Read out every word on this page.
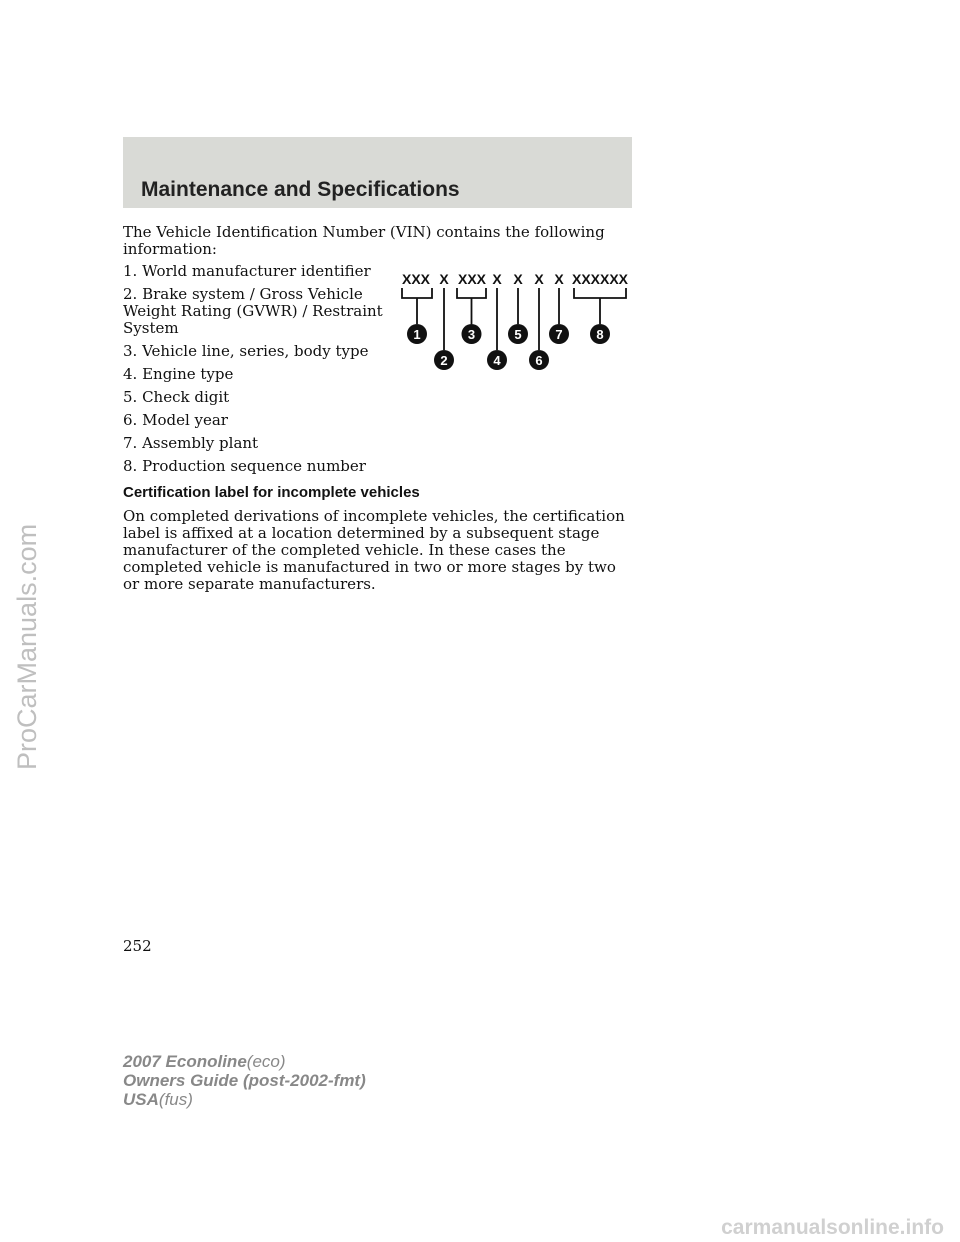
Maintenance and Specifications

The Vehicle Identification Number (VIN) contains the following information:

1. World manufacturer identifier
2. Brake system / Gross Vehicle Weight Rating (GVWR) / Restraint System
3. Vehicle line, series, body type
4. Engine type
5. Check digit
6. Model year
7. Assembly plant
8. Production sequence number
XXX X XXX X X X X XXXXXX
1
2
3
4
5
6
7	8
Certification label for incomplete vehicles

On completed derivations of incomplete vehicles, the certification label is affixed at a location determined by a subsequent stage manufacturer of the completed vehicle. In these cases the completed vehicle is manufactured in two or more stages by two or more separate manufacturers.

252
2007 Econoline(eco)
Owners Guide (post-2002-fmt)
USA(fus)
ProCarManuals.com
carmanualsonline.info
